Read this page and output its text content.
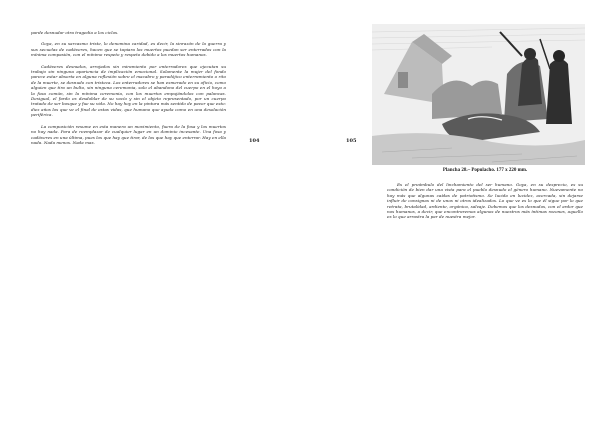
parde desnudar otra tragedia a los ciclos.

Goya, en su sarcasmo triste, lo denomina caridad, es decir, la sinrazón de la guerra y sus secuelas de cadáveres, hacen que se tapiara los muertos puedan ser enterrados con la mínima compasión, con el mínimo respeto y respeto debido a los muertos humanos.

Cadáveres desnudos, arrojados sin miramiento por enterradores que ejecutan su trabajo sin ninguna apariencia de implicación emocional. Solamente la mujer del fondo parece estar absorta en alguna reflexión sobre el macabro y paradójico enterramiento o rito de la muerte, se desnudo con tristeza. Los enterradores se han esmerado en su oficio, como alguien que tira un bulto, sin ninguna ceremonia, solo el abandono del cuerpo en el hoyo a la fosa común, sin la mínima ceremonia, con los muertos empujándolos con palancas. Desigual, el fardo es desdoblar de su vacío y sin el objeto representado, por un cuerpo tratado de ser bosque y fue su vida. No hay hoy en la pintura más sentido de pavor que esto: diez años los que ve el final de estas vidas, que humano que ayuda como en una desolación periférica.

La composición resume en esta manera un movimiento, fuera de la fosa y los muertos no hay nada. Para de reemplazar de cualquier lugar en un dominio incesante. Una fosa y cadáveres en una última, pues los que hay que tirar, de los que hay que enterrar. Hay en ella nada. Nada menos. Nada mas.	104	105
Plancha 28.– Populacho. 177 x 220 mm.

Es el preámbulo del linchamiento del ser humano. Goya, en su desprecio, es su condición de bien dar una vista para el pueblo desnudo el género humano. Nuevamente no hay más que algunas caídas de patriotismo. Se lucida en lucidez, acercada, sin dejarse influir de consignas ni de unos ni otros idealizados. Lo que ve es lo que él sigue por lo que retrata, brutalidad, ardiente, orgánica, salvaje. Debemos que los desnudos, con el ardor que nos humanos, a decir, que encontraremos algunos de nuestros más íntimas razones, aquello es lo que arrastra la par de nuestra mejor.
